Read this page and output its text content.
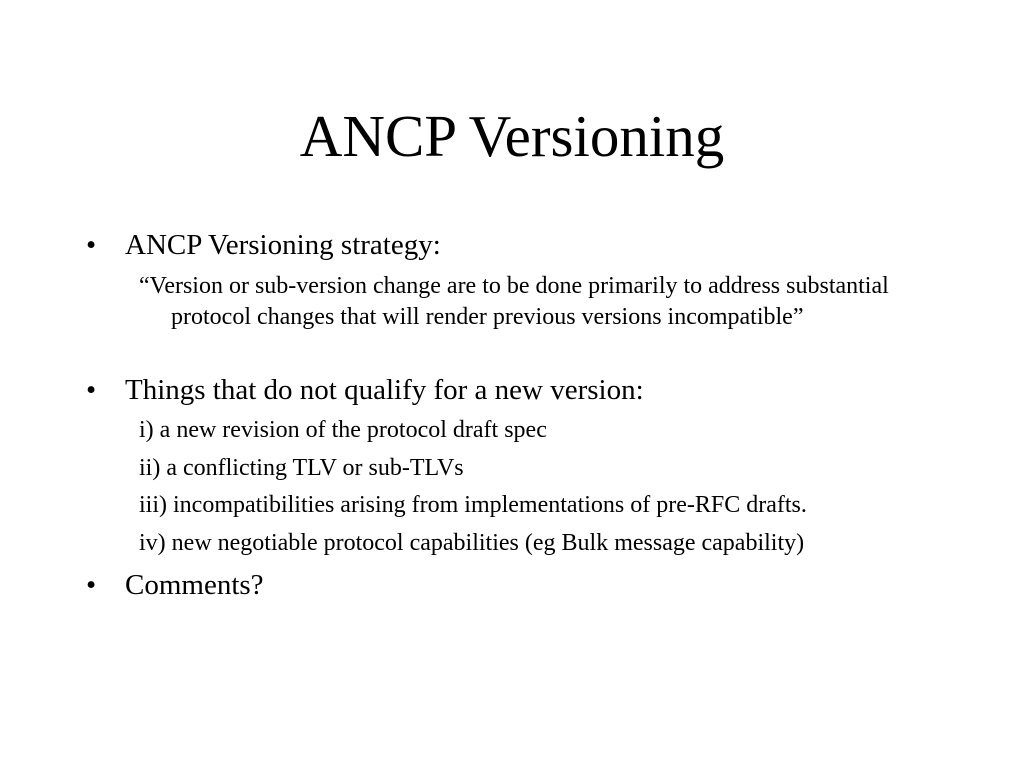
ANCP Versioning
• ANCP Versioning strategy:
“Version or sub-version change are to be done primarily to address substantial protocol changes that will render previous versions incompatible”
• Things that do not qualify for a new version:
i) a new revision of the protocol draft spec
ii) a conflicting TLV or sub-TLVs
iii) incompatibilities arising from implementations of pre-RFC drafts.
iv) new negotiable protocol capabilities (eg Bulk message capability)
• Comments?
